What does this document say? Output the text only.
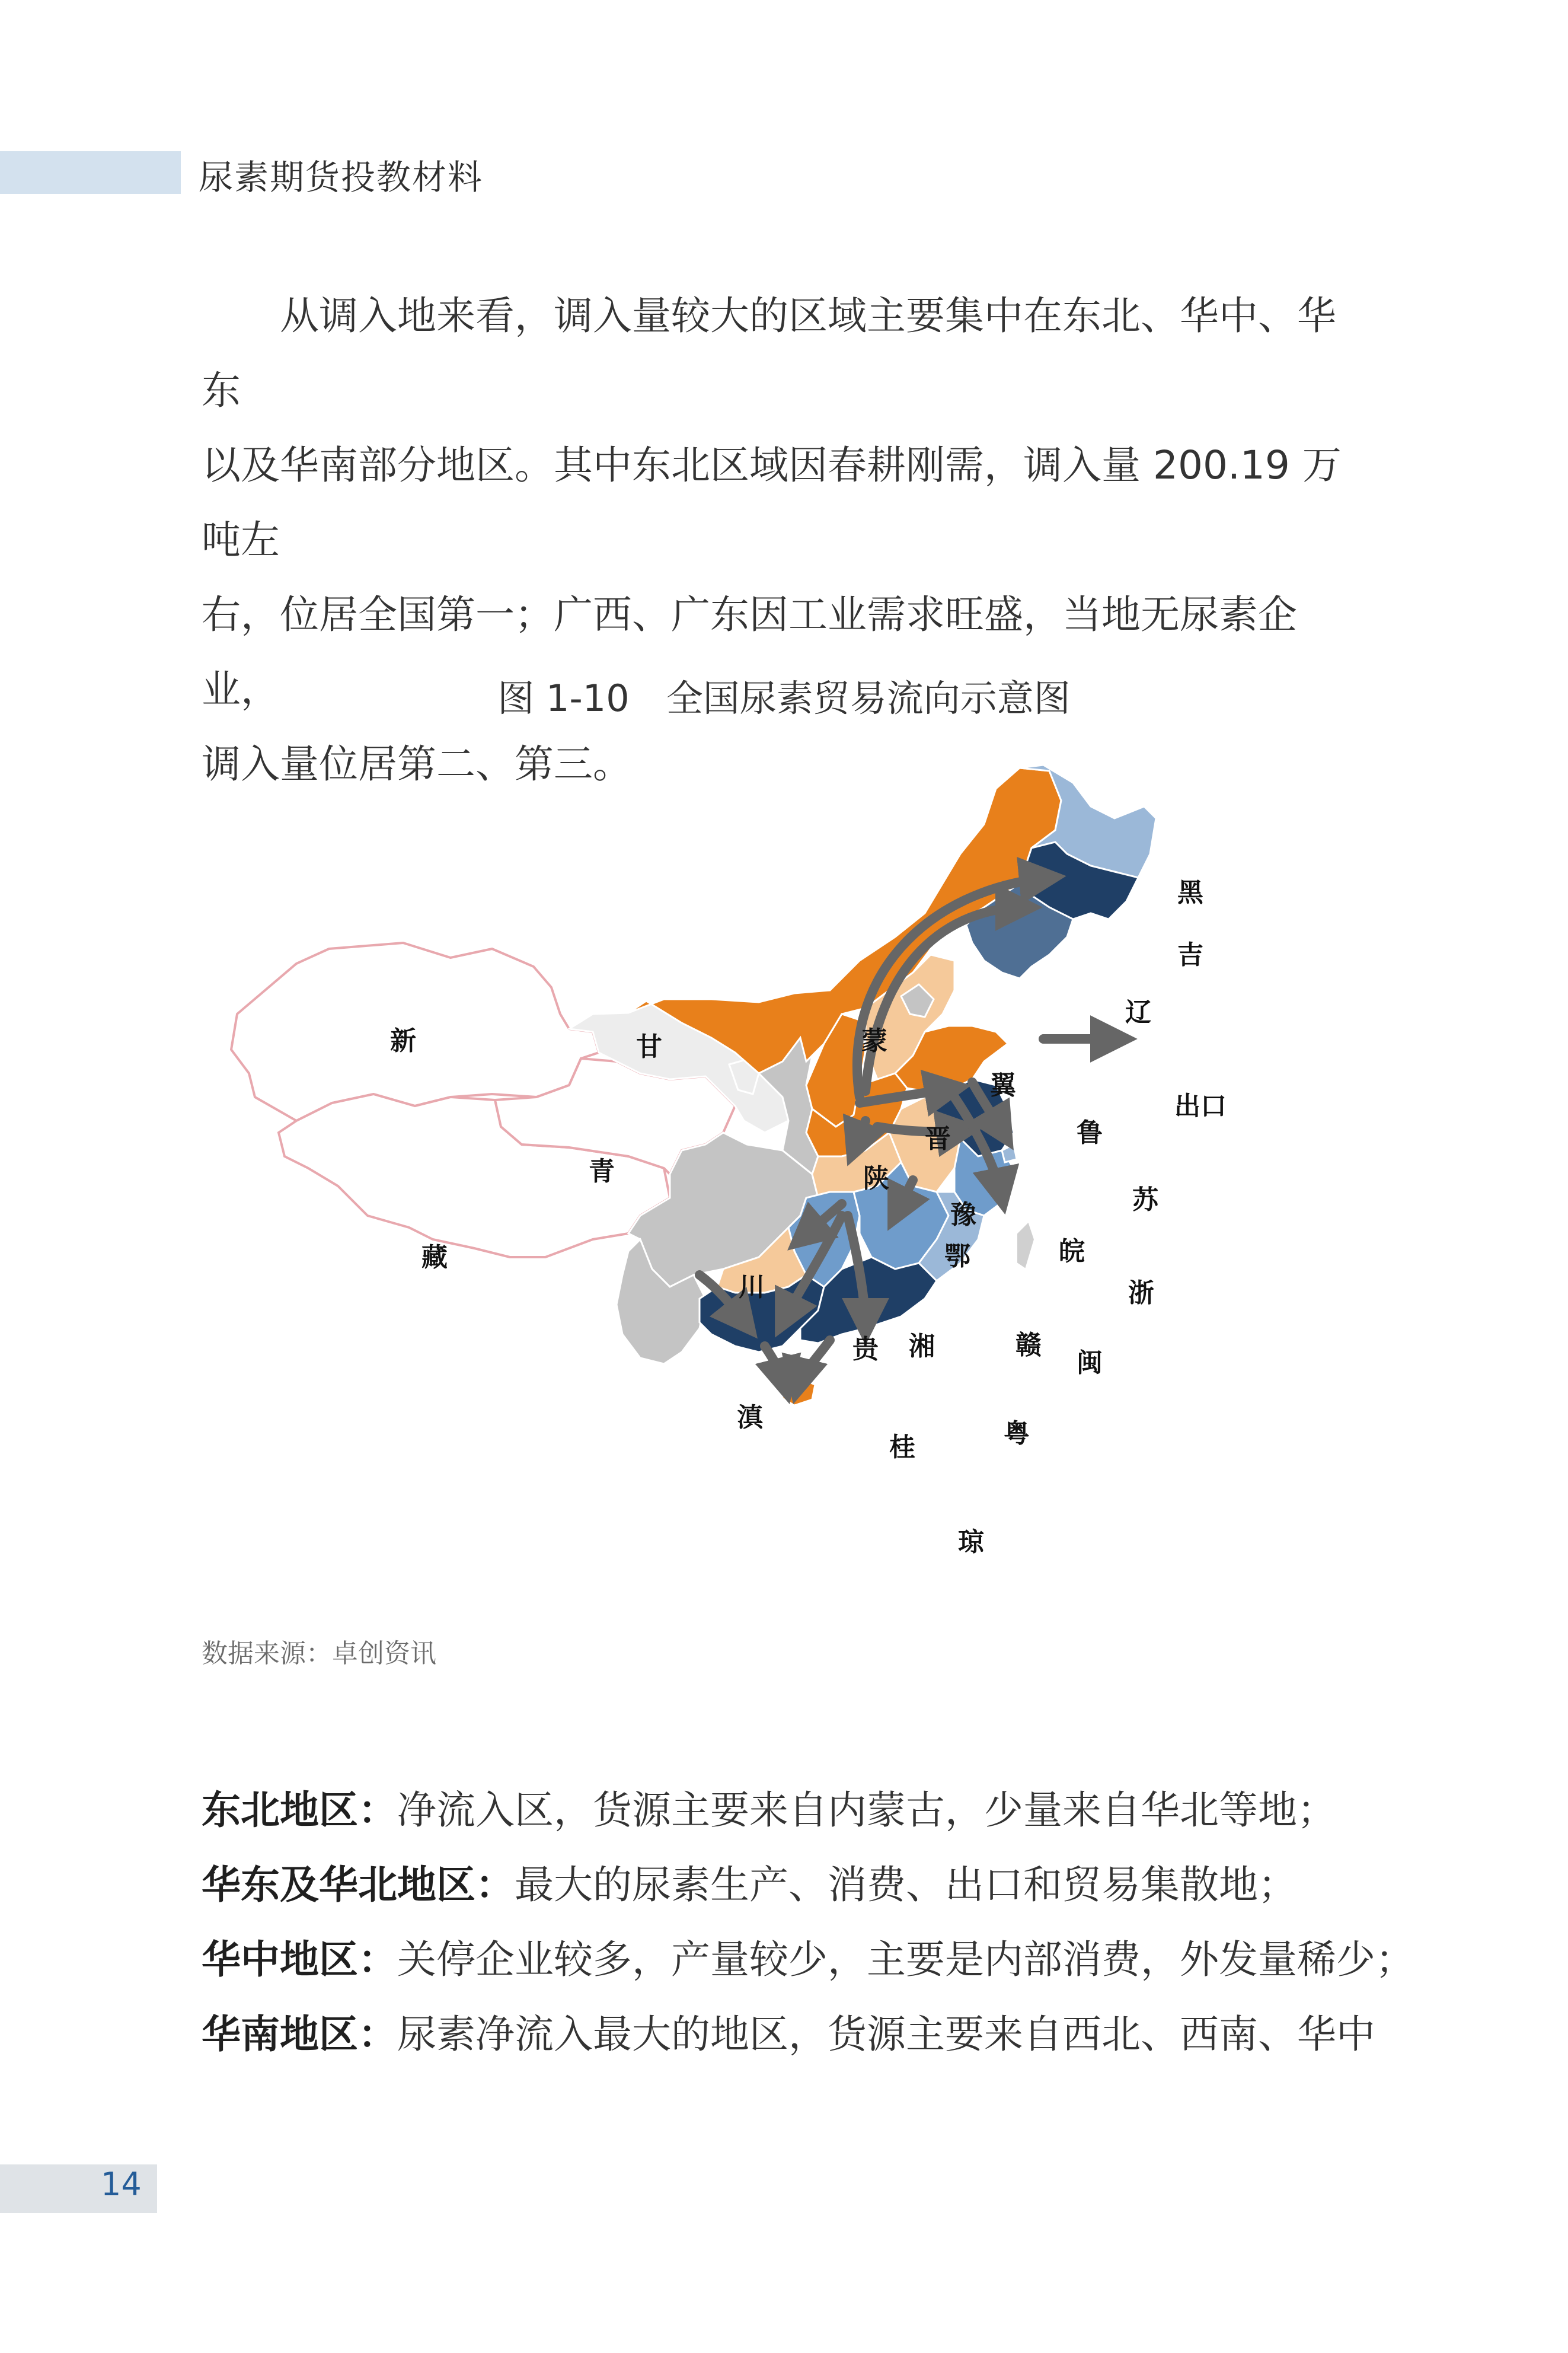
尿素期货投教材料

　　从调入地来看，调入量较大的区域主要集中在东北、华中、华东

以及华南部分地区。其中东北区域因春耕刚需，调入量 200.19 万吨左

右，位居全国第一；广西、广东因工业需求旺盛，当地无尿素企业，

调入量位居第二、第三。

图 1-10　全国尿素贸易流向示意图
新	甘	蒙
黑
吉
辽
青
藏
晋
翼
鲁
陕
豫	苏
鄂	皖
川	浙
贵 湘	赣
闽
滇
桂	粤
琼
出口
数据来源：卓创资讯
东北地区：净流入区，货源主要来自内蒙古，少量来自华北等地；
华东及华北地区：最大的尿素生产、消费、出口和贸易集散地；
华中地区：关停企业较多，产量较少，主要是内部消费，外发量稀少；
华南地区：尿素净流入最大的地区，货源主要来自西北、西南、华中
14
